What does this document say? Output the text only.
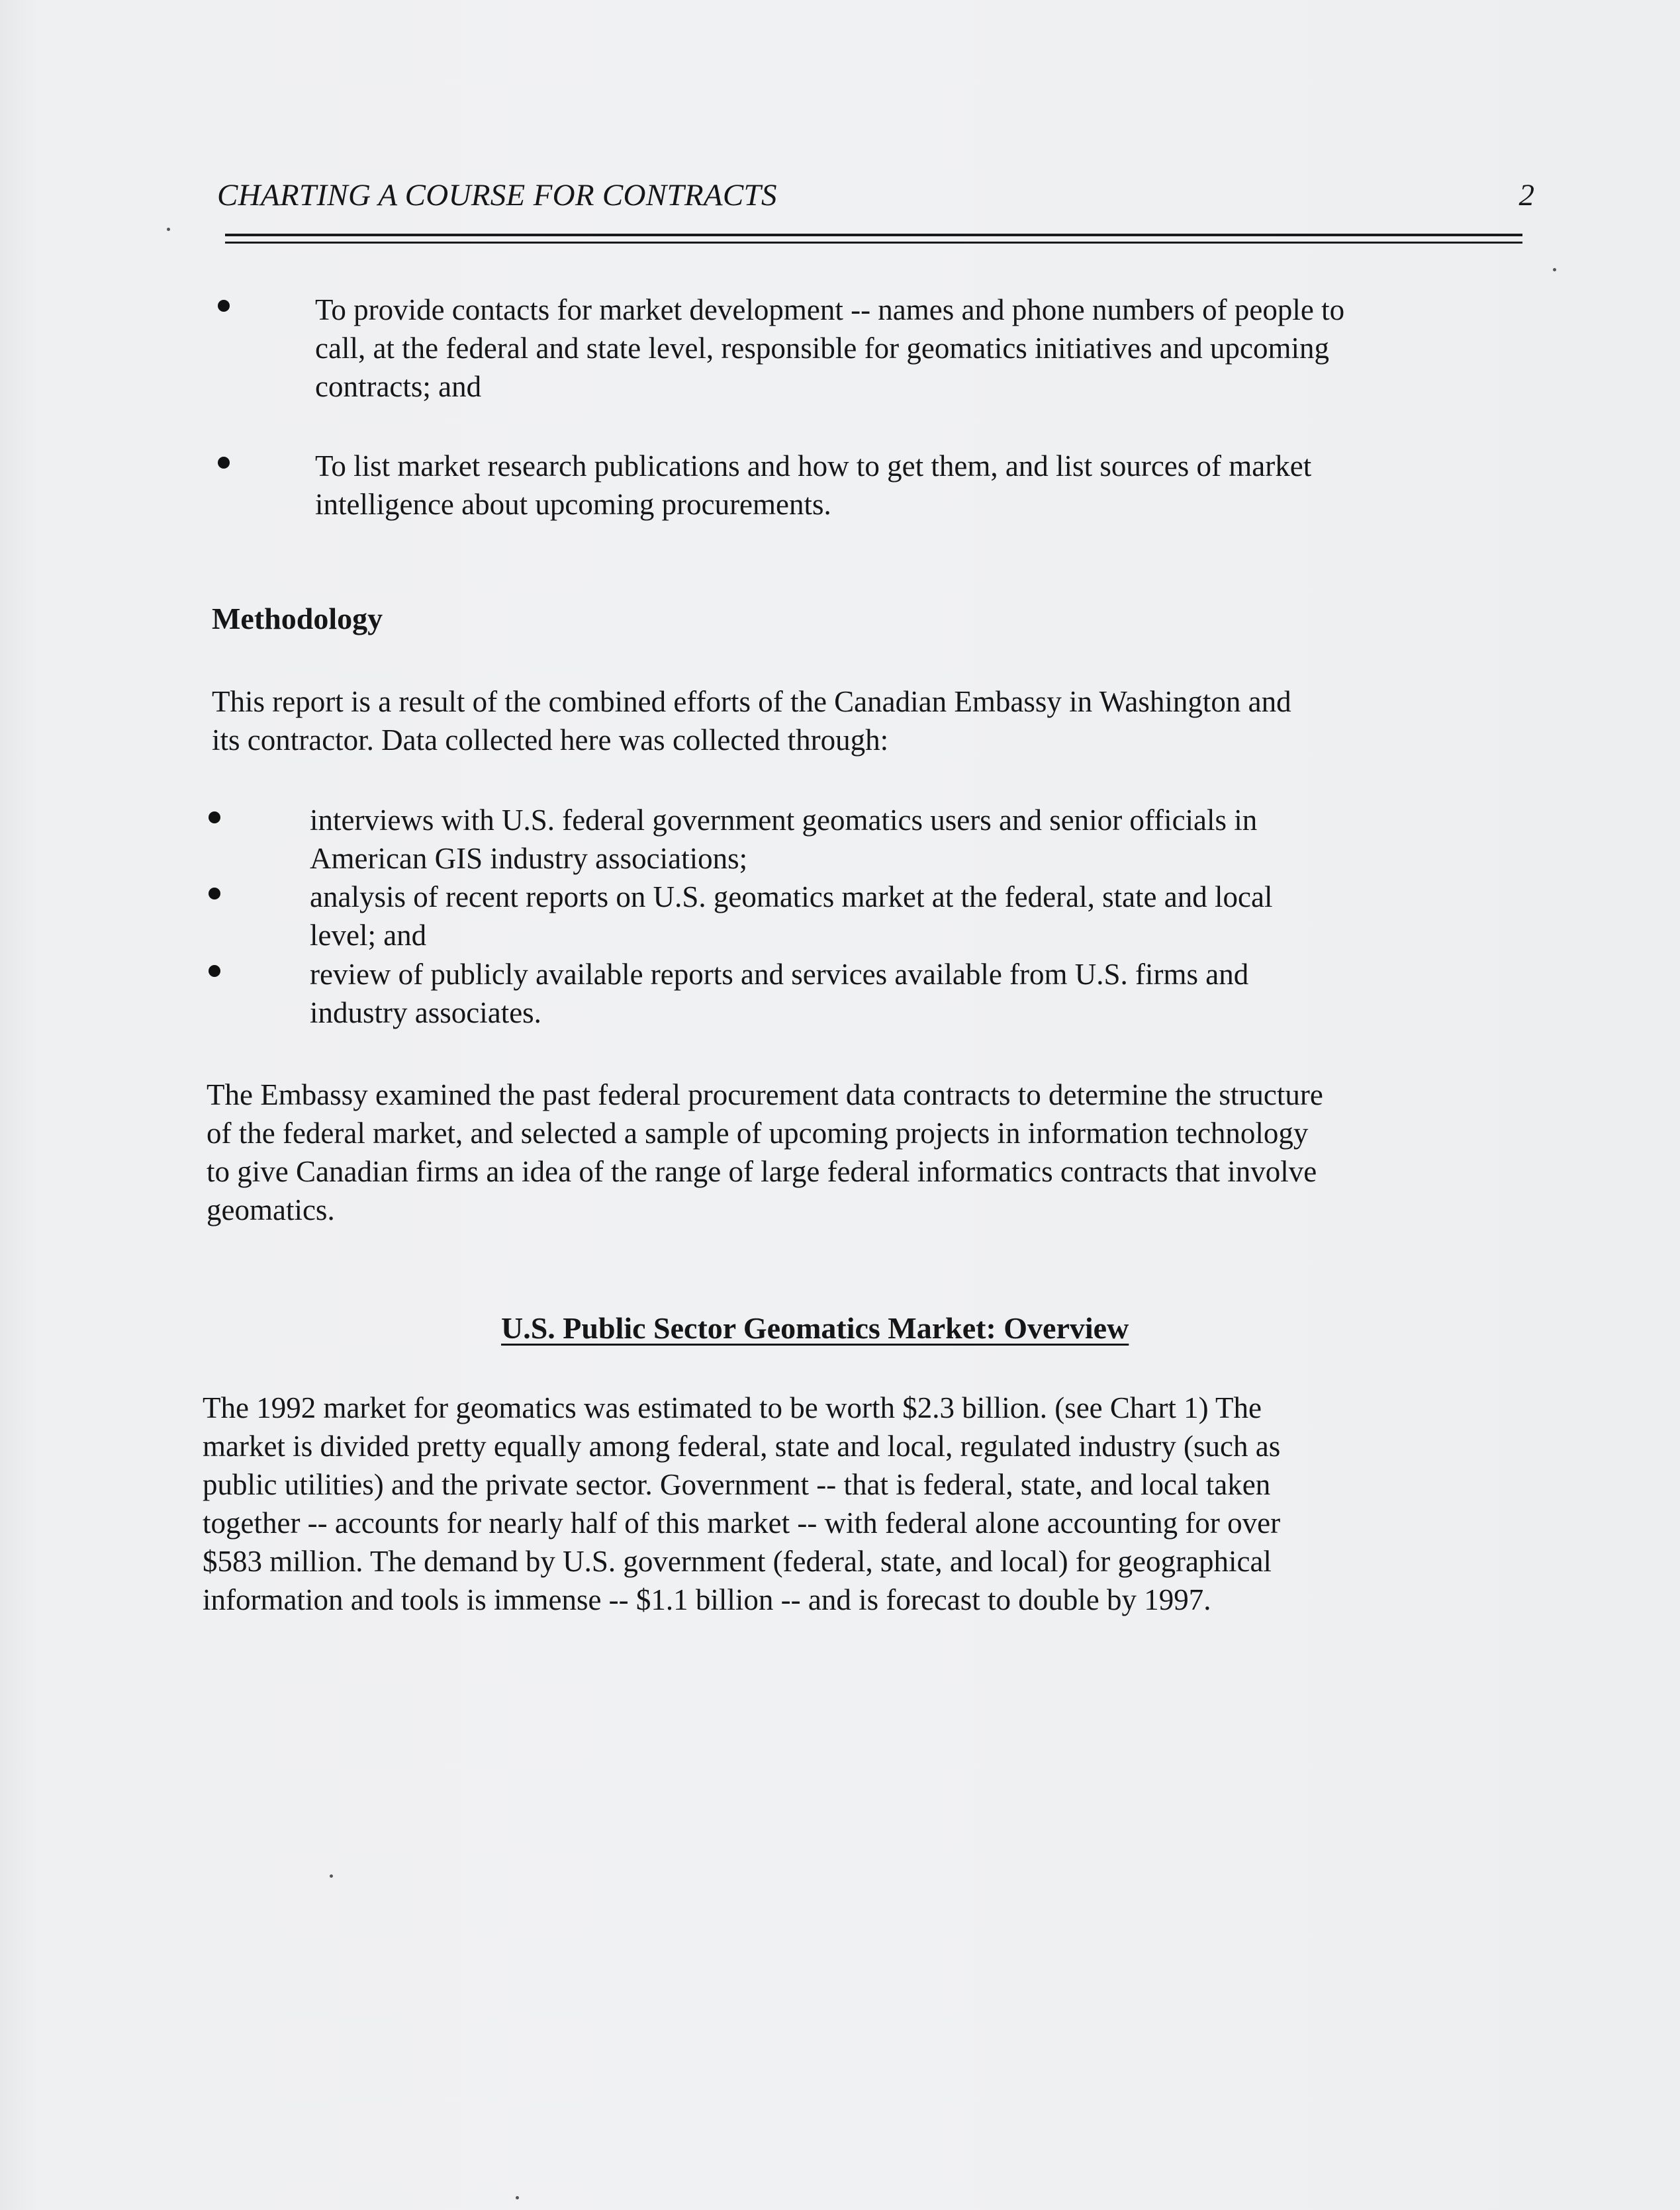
CHARTING A COURSE FOR CONTRACTS	2
To provide contacts for market development -- names and phone numbers of people to
call, at the federal and state level, responsible for geomatics initiatives and upcoming
contracts; and
To list market research publications and how to get them, and list sources of market
intelligence about upcoming procurements.
Methodology
This report is a result of the combined efforts of the Canadian Embassy in Washington and
its contractor. Data collected here was collected through:
interviews with U.S. federal government geomatics users and senior officials in
American GIS industry associations;
analysis of recent reports on U.S. geomatics market at the federal, state and local
level; and
review of publicly available reports and services available from U.S. firms and
industry associates.
The Embassy examined the past federal procurement data contracts to determine the structure
of the federal market, and selected a sample of upcoming projects in information technology
to give Canadian firms an idea of the range of large federal informatics contracts that involve
geomatics.
U.S. Public Sector Geomatics Market: Overview
The 1992 market for geomatics was estimated to be worth $2.3 billion. (see Chart 1) The
market is divided pretty equally among federal, state and local, regulated industry (such as
public utilities) and the private sector. Government -- that is federal, state, and local taken
together -- accounts for nearly half of this market -- with federal alone accounting for over
$583 million. The demand by U.S. government (federal, state, and local) for geographical
information and tools is immense -- $1.1 billion -- and is forecast to double by 1997.
